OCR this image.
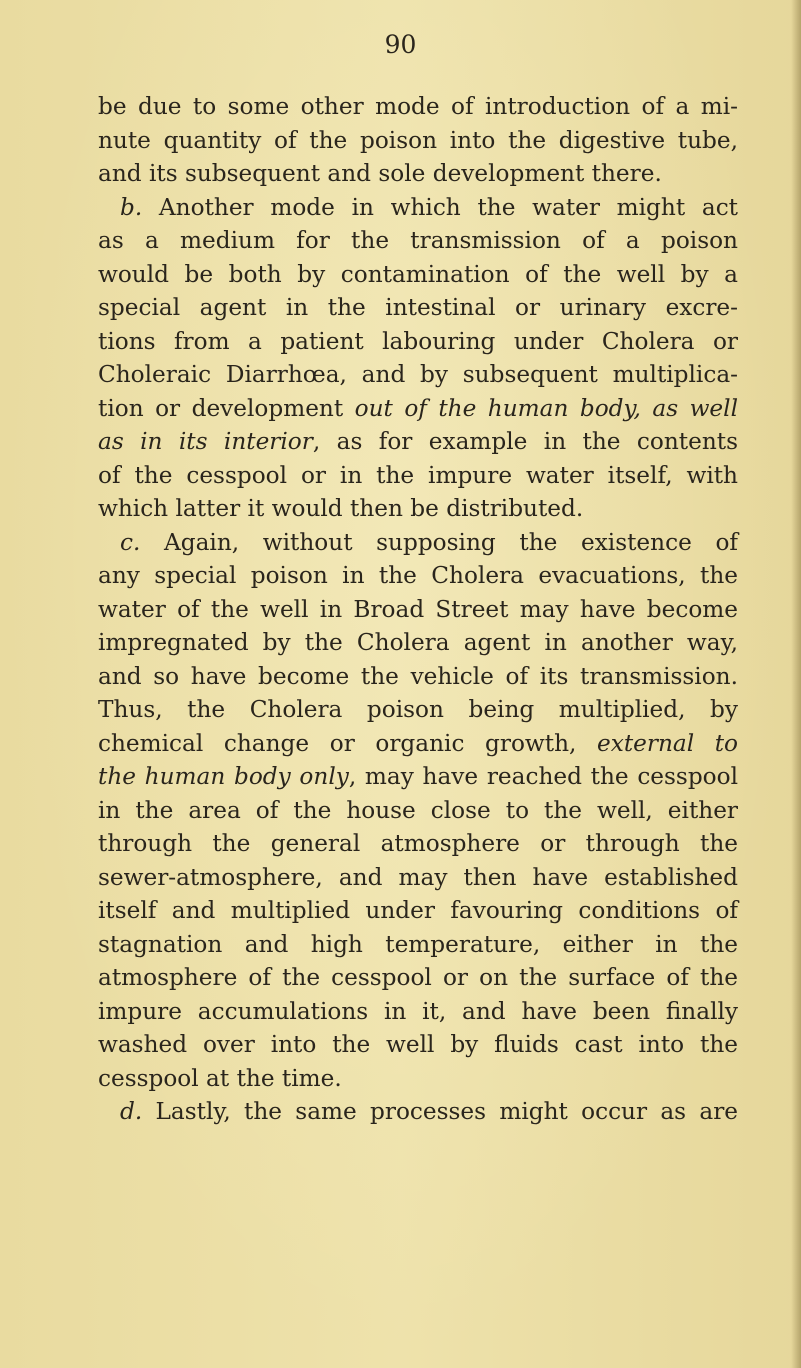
90
be due to some other mode of introduction of a mi-
nute quantity of the poison into the digestive tube,
and its subsequent and sole development there.
b. Another mode in which the water might act
as a medium for the transmission of a poison
would be both by contamination of the well by a
special agent in the intestinal or urinary excre-
tions from a patient labouring under Cholera or
Choleraic Diarrhœa, and by subsequent multiplica-
tion or development out of the human body, as well
as in its interior, as for example in the contents
of the cesspool or in the impure water itself, with
which latter it would then be distributed.
c. Again, without supposing the existence of
any special poison in the Cholera evacuations, the
water of the well in Broad Street may have become
impregnated by the Cholera agent in another way,
and so have become the vehicle of its transmission.
Thus, the Cholera poison being multiplied, by
chemical change or organic growth, external to
the human body only, may have reached the cesspool
in the area of the house close to the well, either
through the general atmosphere or through the
sewer-atmosphere, and may then have established
itself and multiplied under favouring conditions of
stagnation and high temperature, either in the
atmosphere of the cesspool or on the surface of the
impure accumulations in it, and have been finally
washed over into the well by fluids cast into the
cesspool at the time.
d. Lastly, the same processes might occur as are
